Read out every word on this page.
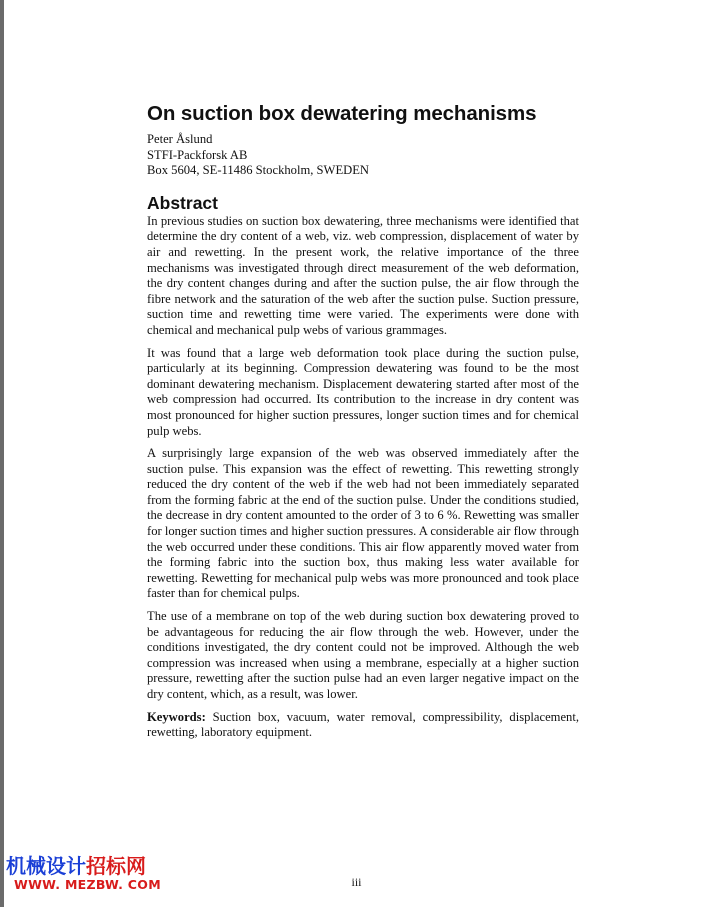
On suction box dewatering mechanisms
Peter Åslund
STFI-Packforsk AB
Box 5604, SE-11486 Stockholm, SWEDEN
Abstract

In previous studies on suction box dewatering, three mechanisms were identified that determine the dry content of a web, viz. web compression, displacement of water by air and rewetting. In the present work, the relative importance of the three mechanisms was investigated through direct measurement of the web deformation, the dry content changes during and after the suction pulse, the air flow through the fibre network and the saturation of the web after the suction pulse. Suction pressure, suction time and rewetting time were varied. The experiments were done with chemical and mechanical pulp webs of various grammages.

It was found that a large web deformation took place during the suction pulse, particularly at its beginning. Compression dewatering was found to be the most dominant dewatering mechanism. Displacement dewatering started after most of the web compression had occurred. Its contribution to the increase in dry content was most pronounced for higher suction pressures, longer suction times and for chemical pulp webs.

A surprisingly large expansion of the web was observed immediately after the suction pulse. This expansion was the effect of rewetting. This rewetting strongly reduced the dry content of the web if the web had not been immediately separated from the forming fabric at the end of the suction pulse. Under the conditions studied, the decrease in dry content amounted to the order of 3 to 6 %. Rewetting was smaller for longer suction times and higher suction pressures. A considerable air flow through the web occurred under these conditions. This air flow apparently moved water from the forming fabric into the suction box, thus making less water available for rewetting. Rewetting for mechanical pulp webs was more pronounced and took place faster than for chemical pulps.

The use of a membrane on top of the web during suction box dewatering proved to be advantageous for reducing the air flow through the web. However, under the conditions investigated, the dry content could not be improved. Although the web compression was increased when using a membrane, especially at a higher suction pressure, rewetting after the suction pulse had an even larger negative impact on the dry content, which, as a result, was lower.

Keywords: Suction box, vacuum, water removal, compressibility, displacement, rewetting, laboratory equipment.

iii
机械设计招标网
WWW. MEZBW. COM
